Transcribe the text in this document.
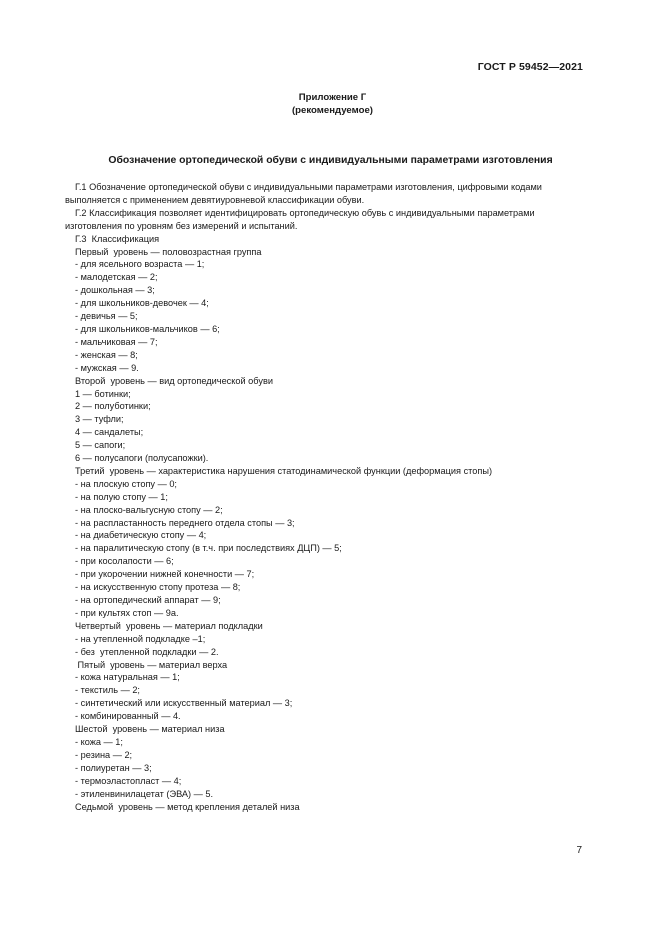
ГОСТ Р 59452—2021
Приложение Г
(рекомендуемое)
Обозначение ортопедической обуви с индивидуальными параметрами изготовления
Г.1 Обозначение ортопедической обуви с индивидуальными параметрами изготовления, цифровыми кодами
выполняется с применением девятиуровневой классификации обуви.
Г.2 Классификация позволяет идентифицировать ортопедическую обувь с индивидуальными параметрами
изготовления по уровням без измерений и испытаний.
Г.3  Классификация
Первый  уровень — половозрастная группа
- для ясельного возраста — 1;
- малодетская — 2;
- дошкольная — 3;
- для школьников-девочек — 4;
- девичья — 5;
- для школьников-мальчиков — 6;
- мальчиковая — 7;
- женская — 8;
- мужская — 9.
Второй  уровень — вид ортопедической обуви
1 — ботинки;
2 — полуботинки;
3 — туфли;
4 — сандалеты;
5 — сапоги;
6 — полусапоги (полусапожки).
Третий  уровень — характеристика нарушения статодинамической функции (деформация стопы)
- на плоскую стопу — 0;
- на полую стопу — 1;
- на плоско-вальгусную стопу — 2;
- на распластанность переднего отдела стопы — 3;
- на диабетическую стопу — 4;
- на паралитическую стопу (в т.ч. при последствиях ДЦП) — 5;
- при косолапости — 6;
- при укорочении нижней конечности — 7;
- на искусственную стопу протеза — 8;
- на ортопедический аппарат — 9;
- при культях стоп — 9а.
Четвертый  уровень — материал подкладки
- на утепленной подкладке –1;
- без  утепленной подкладки — 2.
Пятый  уровень — материал верха
- кожа натуральная — 1;
- текстиль — 2;
- синтетический или искусственный материал — 3;
- комбинированный — 4.
Шестой  уровень — материал низа
- кожа — 1;
- резина — 2;
- полиуретан — 3;
- термоэластопласт — 4;
- этиленвинилацетат (ЭВА) — 5.
Седьмой  уровень — метод крепления деталей низа
7
